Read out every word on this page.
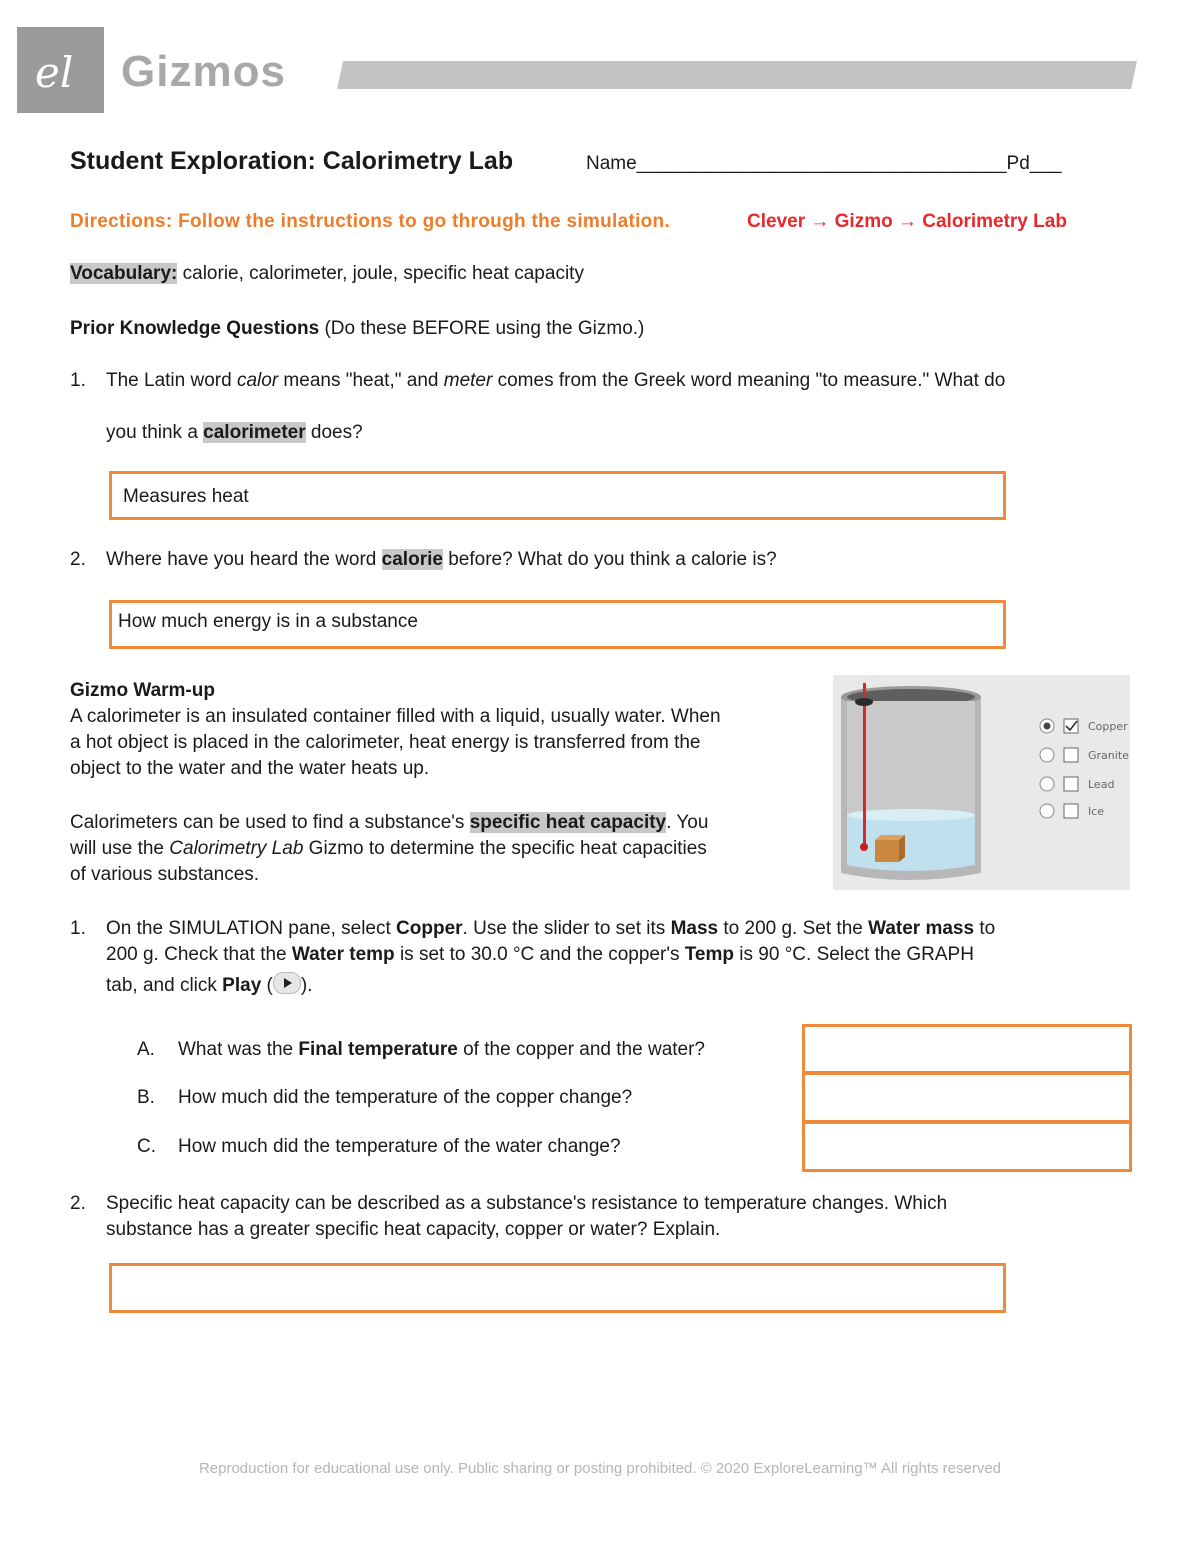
el Gizmos
Student Exploration: Calorimetry Lab	Name___________________________________Pd___
Directions: Follow the instructions to go through the simulation.	Clever → Gizmo → Calorimetry Lab
Vocabulary: calorie, calorimeter, joule, specific heat capacity
Prior Knowledge Questions (Do these BEFORE using the Gizmo.)
1. The Latin word calor means "heat," and meter comes from the Greek word meaning "to measure." What do
you think a calorimeter does?
Measures heat
2. Where have you heard the word calorie before? What do you think a calorie is?
How much energy is in a substance
Gizmo Warm-up
A calorimeter is an insulated container filled with a liquid, usually water. When
a hot object is placed in the calorimeter, heat energy is transferred from the
object to the water and the water heats up.
Calorimeters can be used to find a substance's specific heat capacity. You
will use the Calorimetry Lab Gizmo to determine the specific heat capacities
of various substances.
Copper
Granite
Lead
Ice
1. On the SIMULATION pane, select Copper. Use the slider to set its Mass to 200 g. Set the Water mass to
200 g. Check that the Water temp is set to 30.0 °C and the copper's Temp is 90 °C. Select the GRAPH
tab, and click Play ( ).
A. What was the Final temperature of the copper and the water?
B. How much did the temperature of the copper change?
C. How much did the temperature of the water change?
2. Specific heat capacity can be described as a substance's resistance to temperature changes. Which
substance has a greater specific heat capacity, copper or water? Explain.
Reproduction for educational use only. Public sharing or posting prohibited. © 2020 ExploreLearning™ All rights reserved
